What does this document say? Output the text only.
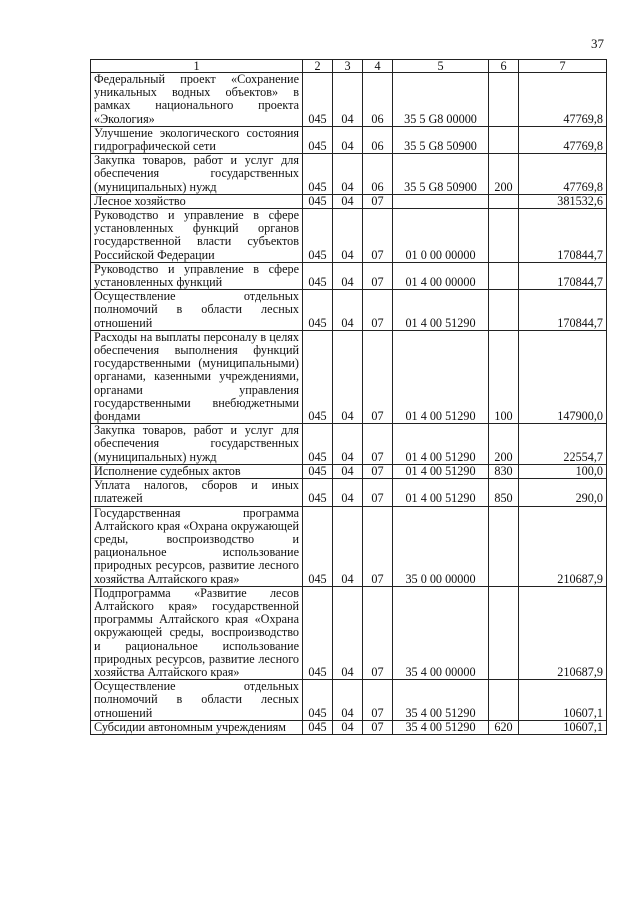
37
1	2	3	4	5	6	7
Федеральный проект «Сохранение уникальных водных объектов» в рамках национального проекта «Экология»	045	04	06	35 5 G8 00000		47769,8
Улучшение экологического состояния гидрографической сети	045	04	06	35 5 G8 50900		47769,8
Закупка товаров, работ и услуг для обеспечения государственных (муниципальных) нужд	045	04	06	35 5 G8 50900	200	47769,8
Лесное хозяйство	045	04	07			381532,6
Руководство и управление в сфере установленных функций органов государственной власти субъектов Российской Федерации	045	04	07	01 0 00 00000		170844,7
Руководство и управление в сфере установленных функций	045	04	07	01 4 00 00000		170844,7
Осуществление отдельных полномочий в области лесных отношений	045	04	07	01 4 00 51290		170844,7
Расходы на выплаты персоналу в целях обеспечения выполнения функций государственными (муниципальными) органами, казенными учреждениями, органами управления государственными внебюджетными фондами	045	04	07	01 4 00 51290	100	147900,0
Закупка товаров, работ и услуг для обеспечения государственных (муниципальных) нужд	045	04	07	01 4 00 51290	200	22554,7
Исполнение судебных актов	045	04	07	01 4 00 51290	830	100,0
Уплата налогов, сборов и иных платежей	045	04	07	01 4 00 51290	850	290,0
Государственная программа Алтайского края «Охрана окружающей среды, воспроизводство и рациональное использование природных ресурсов, развитие лесного хозяйства Алтайского края»	045	04	07	35 0 00 00000		210687,9
Подпрограмма «Развитие лесов Алтайского края» государственной программы Алтайского края «Охрана окружающей среды, воспроизводство и рациональное использование природных ресурсов, развитие лесного хозяйства Алтайского края»	045	04	07	35 4 00 00000		210687,9
Осуществление отдельных полномочий в области лесных отношений	045	04	07	35 4 00 51290		10607,1
Субсидии автономным учреждениям	045	04	07	35 4 00 51290	620	10607,1
